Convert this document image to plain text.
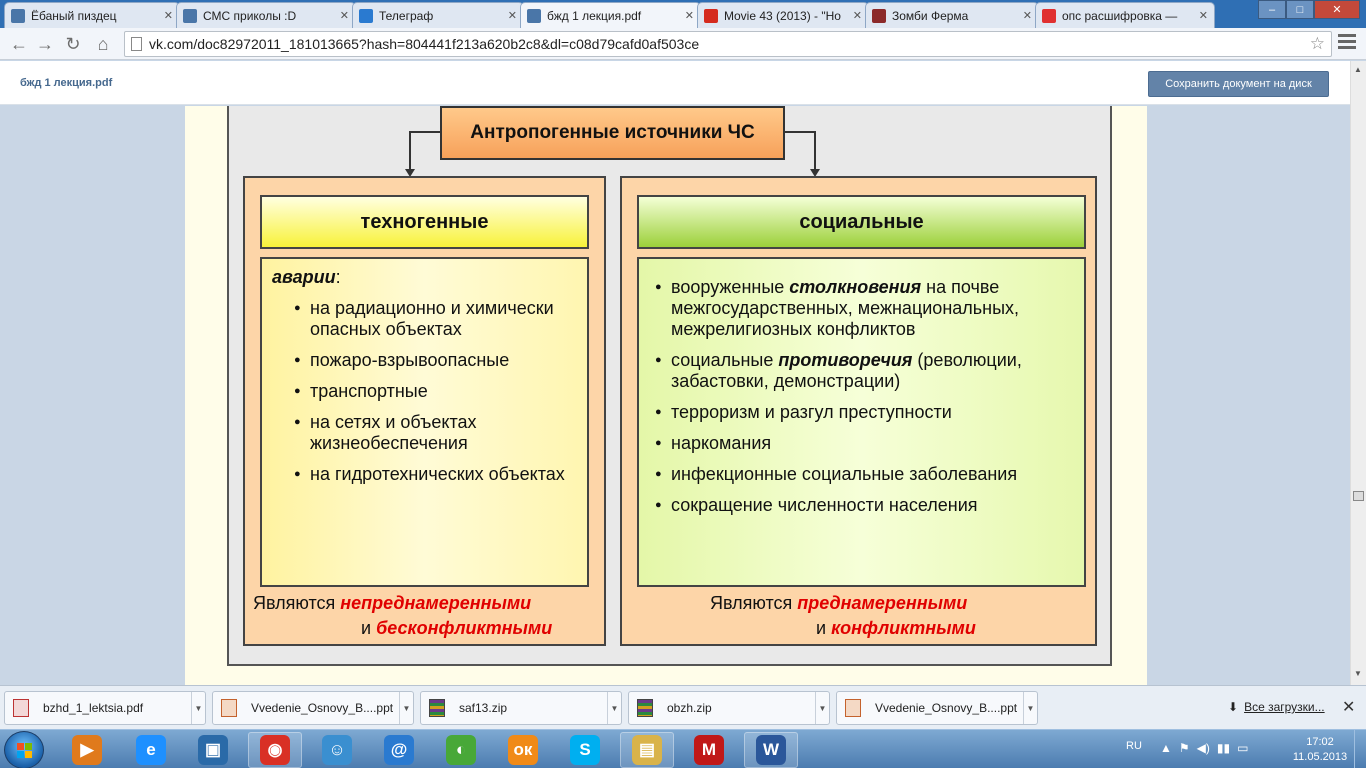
Ёбаный пиздец	✕	СМС приколы :D	✕	Телеграф	✕	бжд 1 лекция.pdf	✕	Movie 43 (2013) - "Но	✕	Зомби Ферма	✕	опс расшифровка —	✕
‒	□	✕
← → ↻ ⌂	vk.com/doc82972011_181013665?hash=804441f213a620b2c8&dl=c08d79cafd0af503ce	☆
бжд 1 лекция.pdf	Сохранить документ на диск
▲
▼
Антропогенные источники ЧС
техногенные
аварии:
● на радиационно и химически опасных объектах
● пожаро-взрывоопасные
● транспортные
● на сетях и объектах жизнеобеспечения
● на гидротехнических объектах
Являются непреднамеренными
и бесконфликтными
социальные
● вооруженные столкновения на почве межгосударственных, межнациональных, межрелигиозных конфликтов
● социальные противоречия (революции, забастовки, демонстрации)
● терроризм и разгул преступности
● наркомания
● инфекционные социальные заболевания
● сокращение численности населения
Являются преднамеренными
и конфликтными
bzhd_1_lektsia.pdf	▼	Vvedenie_Osnovy_B....ppt	▼	saf13.zip	▼	obzh.zip	▼	Vvedenie_Osnovy_B....ppt	▼	⬇ Все загрузки... ✕
▶	e	▣	◉	☺	@	◐	ок	S	▤	M	W	RU ▲ ⚑ ◀) ▮▮ ▭	17:02
11.05.2013
